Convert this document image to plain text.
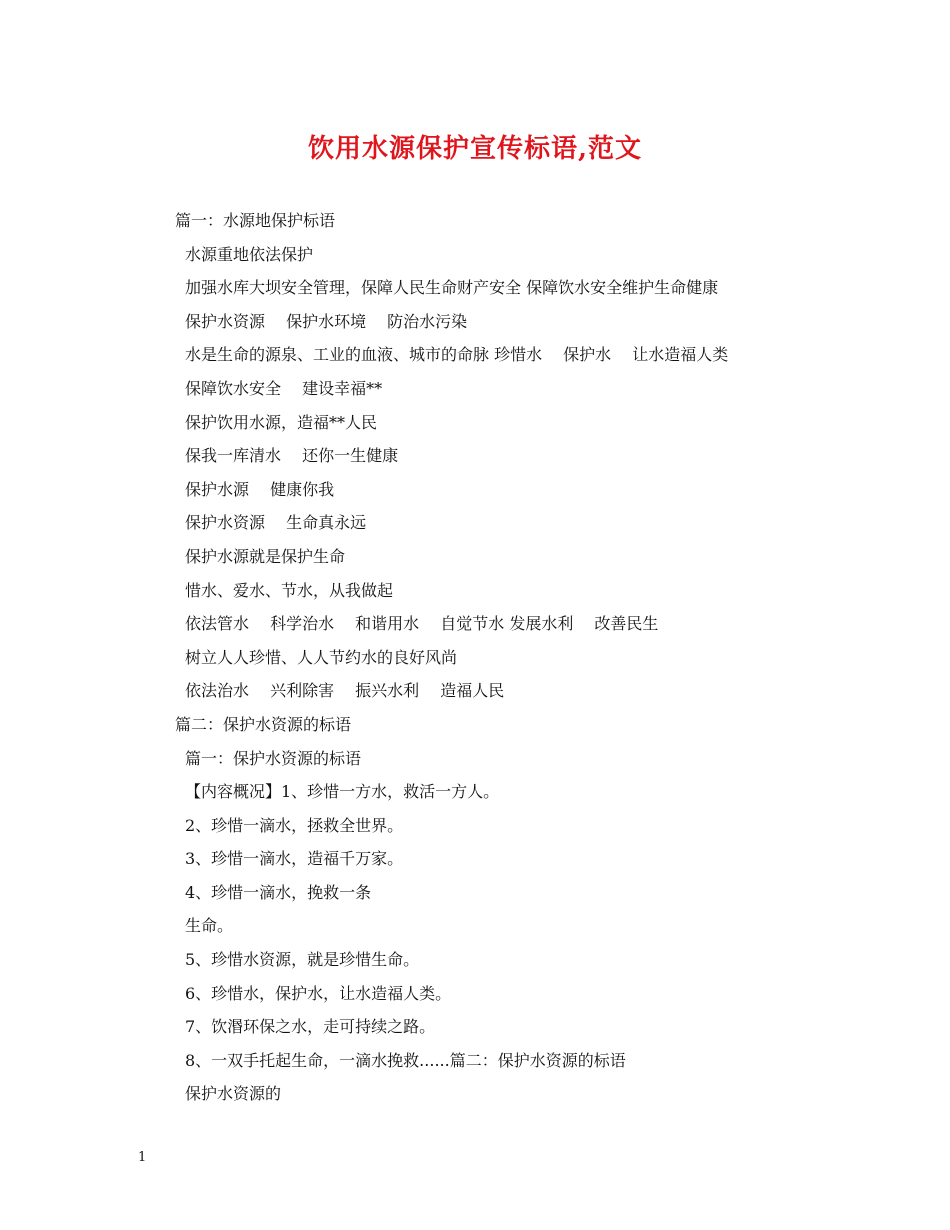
饮用水源保护宣传标语,范文
篇一：水源地保护标语
水源重地依法保护
加强水库大坝安全管理，保障人民生命财产安全 保障饮水安全维护生命健康
保护水资源　 保护水环境　 防治水污染
水是生命的源泉、工业的血液、城市的命脉 珍惜水　 保护水　 让水造福人类
保障饮水安全　 建设幸福**
保护饮用水源，造福**人民
保我一库清水　 还你一生健康
保护水源　 健康你我
保护水资源　 生命真永远
保护水源就是保护生命
惜水、爱水、节水，从我做起
依法管水　 科学治水　 和谐用水　 自觉节水 发展水利　 改善民生
树立人人珍惜、人人节约水的良好风尚
依法治水　 兴利除害　 振兴水利　 造福人民
篇二：保护水资源的标语
篇一：保护水资源的标语
【内容概况】1、珍惜一方水，救活一方人。
2、珍惜一滴水，拯救全世界。
3、珍惜一滴水，造福千万家。
4、珍惜一滴水，挽救一条
生命。
5、珍惜水资源，就是珍惜生命。
6、珍惜水，保护水，让水造福人类。
7、饮湣环保之水，走可持续之路。
8、一双手托起生命，一滴水挽救......篇二：保护水资源的标语
保护水资源的
1
